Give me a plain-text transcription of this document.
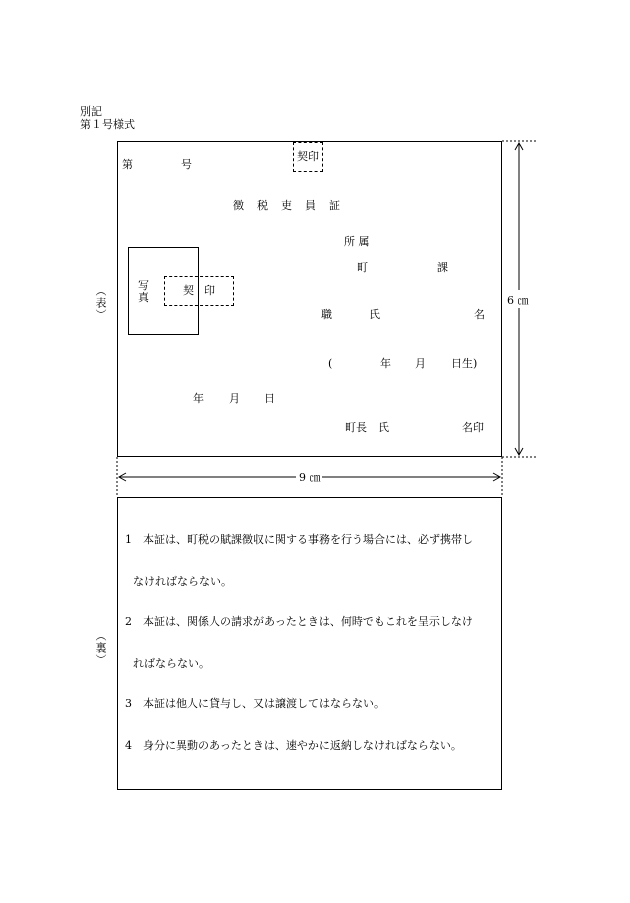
別記
第１号様式
（表）
第	号
契印
徴　税　吏　員　証
所 属
町	課
写
真
契 印
職	氏	名
(	年 月 日生)
年 月 日
町長　氏	名印
6 ㎝
9 ㎝
（裏）
1　本証は、町税の賦課徴収に関する事務を行う場合には、必ず携帯し
なければならない。
2　本証は、関係人の請求があったときは、何時でもこれを呈示しなけ
ればならない。
3　本証は他人に貸与し、又は譲渡してはならない。
4　身分に異動のあったときは、速やかに返納しなければならない。
